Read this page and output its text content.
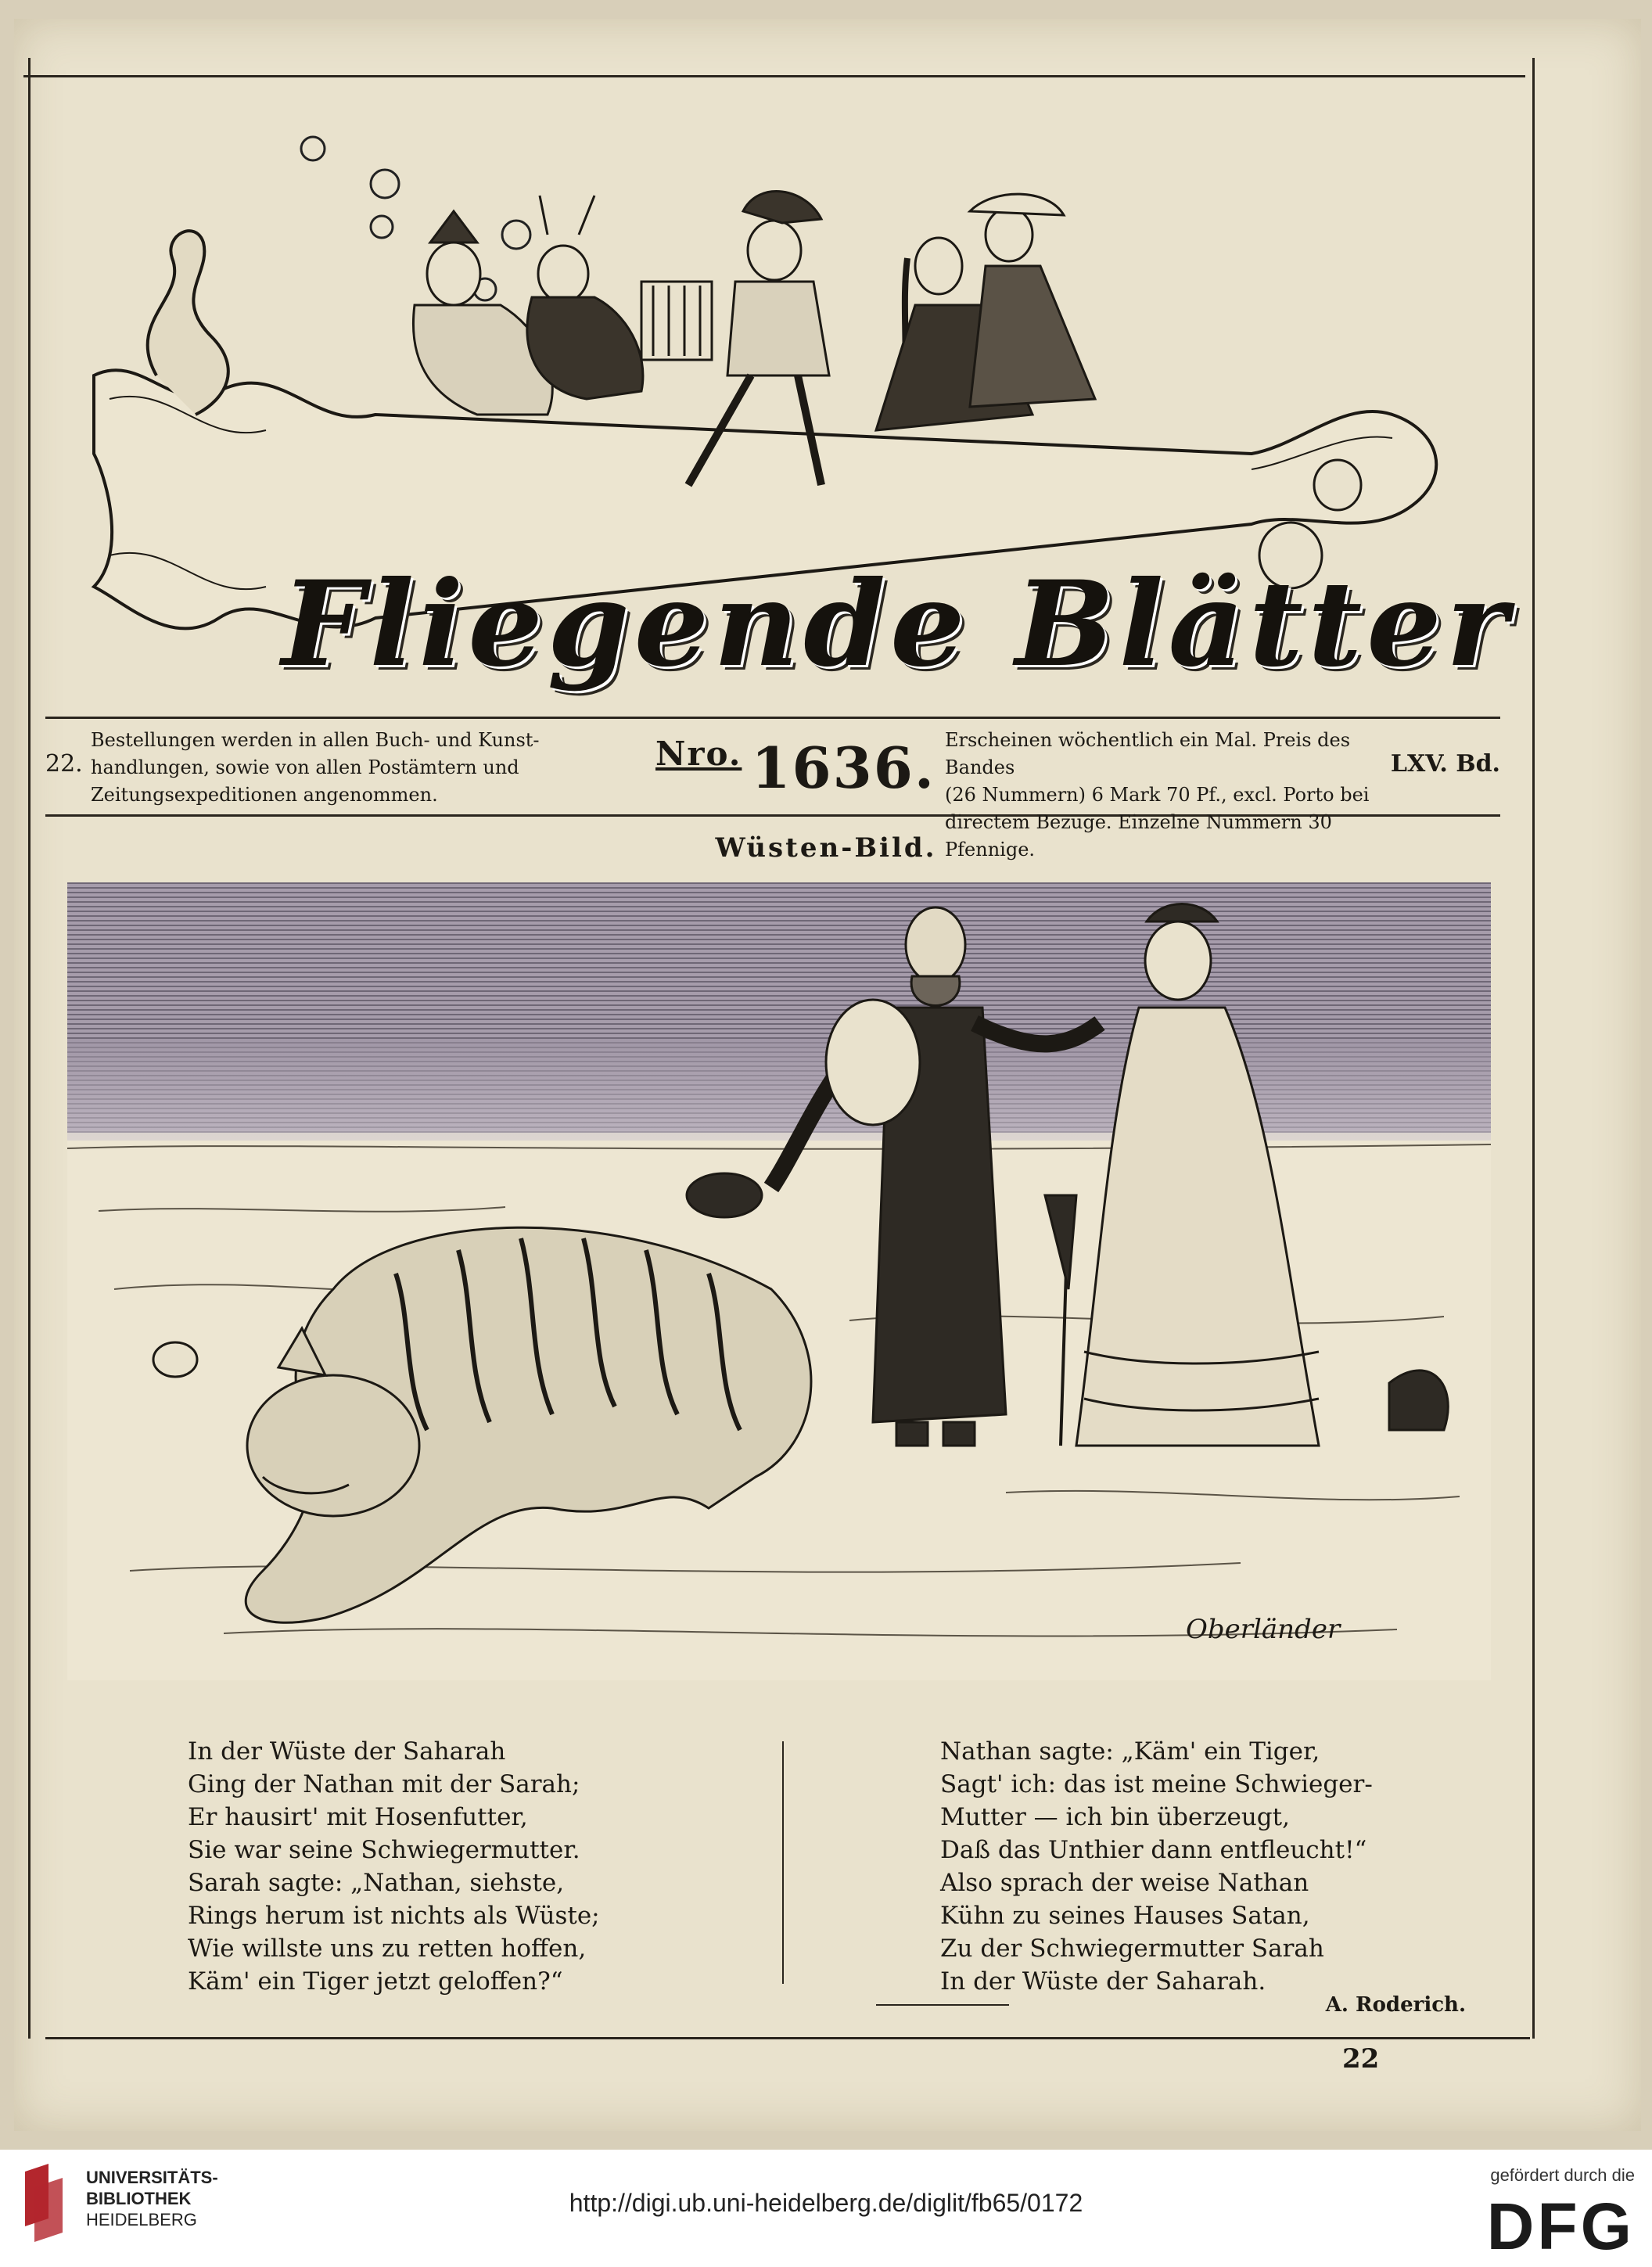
Fliegende Blätter
22.
Bestellungen werden in allen Buch- und Kunst-
handlungen, sowie von allen Postämtern und
Zeitungsexpeditionen angenommen.
$^{Nro.}$ 1636. Erscheinen wöchentlich ein Mal. Preis des Bandes
(26 Nummern) 6 Mark 70 Pf., excl. Porto bei
directem Bezuge. Einzelne Nummern 30 Pfennige.
LXV. Bd.
Wüsten-Bild.
Oberländer
In der Wüste der Saharah
Ging der Nathan mit der Sarah;
Er hausirt' mit Hosenfutter,
Sie war seine Schwiegermutter.
Sarah sagte: „Nathan, siehste,
Rings herum ist nichts als Wüste;
Wie willste uns zu retten hoffen,
Käm' ein Tiger jetzt geloffen?“
Nathan sagte: „Käm' ein Tiger,
Sagt' ich: das ist meine Schwieger-
Mutter — ich bin überzeugt,
Daß das Unthier dann entfleucht!“
Also sprach der weise Nathan
Kühn zu seines Hauses Satan,
Zu der Schwiegermutter Sarah
In der Wüste der Saharah.
A. Roderich.
22
UNIVERSITÄTS-
BIBLIOTHEK
HEIDELBERG
http://digi.ub.uni-heidelberg.de/diglit/fb65/0172
gefördert durch die
DFG
